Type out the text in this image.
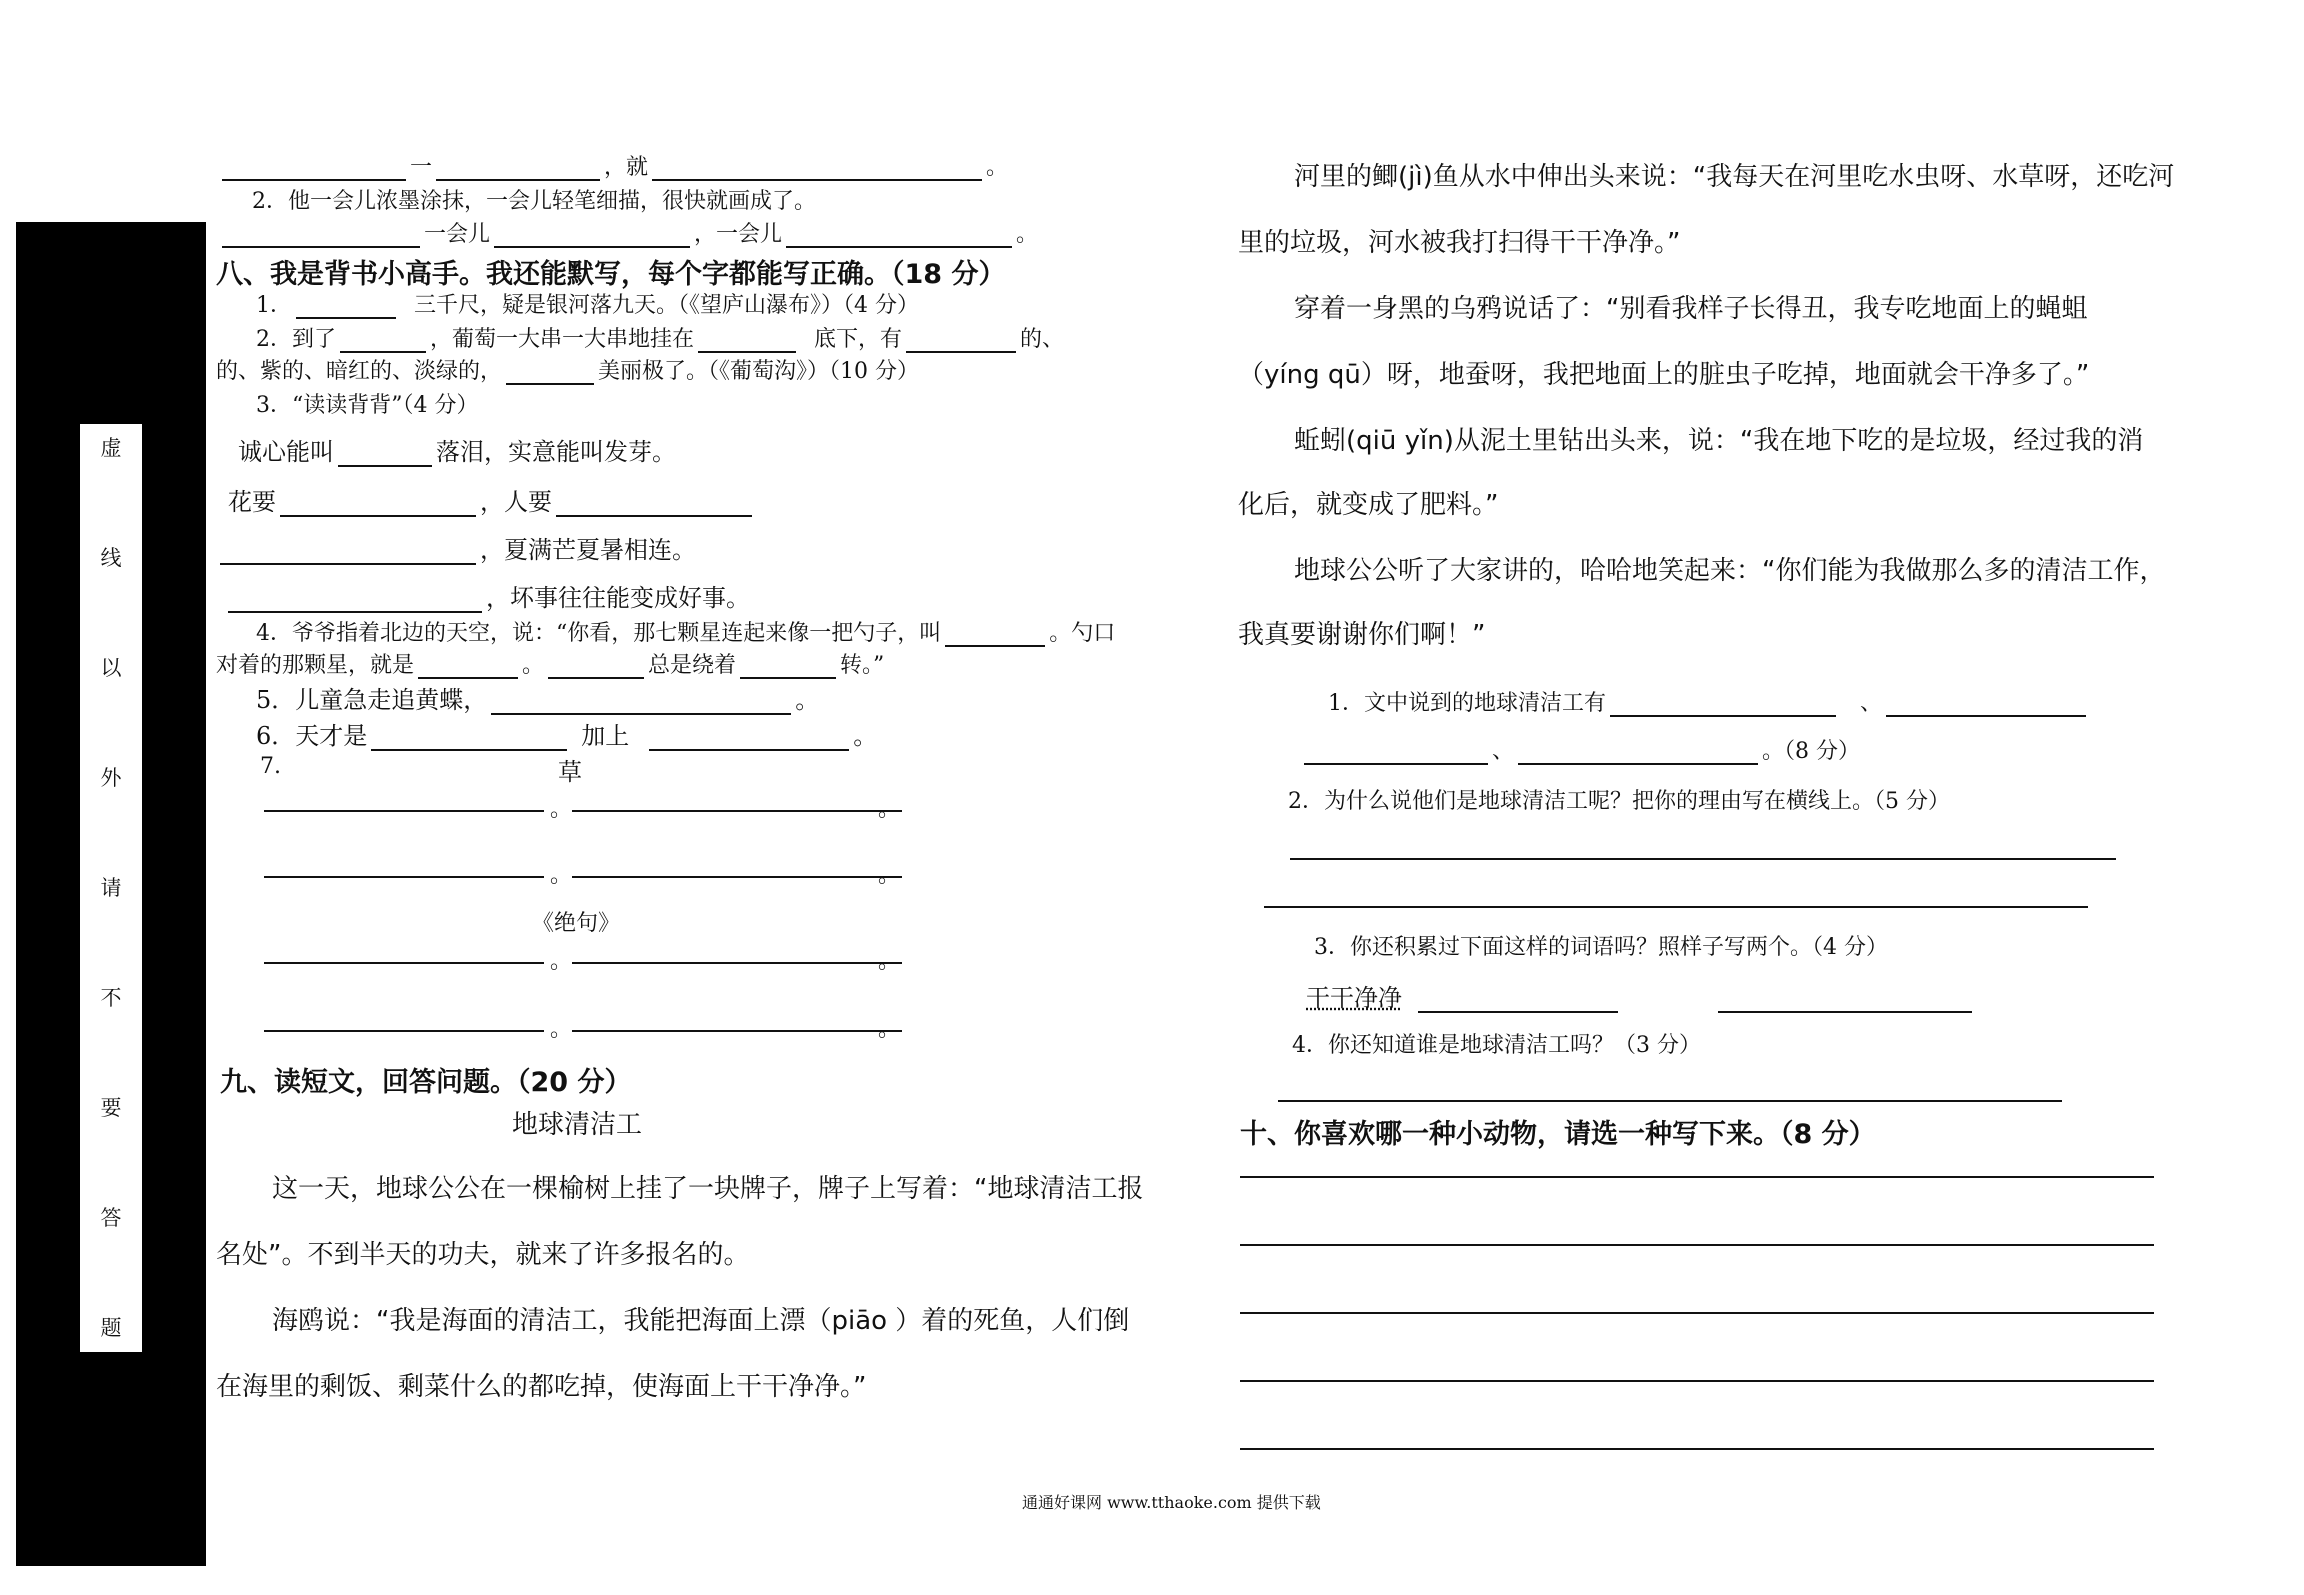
虚
线
以
外
请
不
要
答
题
一	，就	。
2．他一会儿浓墨涂抹，一会儿轻笔细描，很快就画成了。
一会儿	，一会儿	。
八、我是背书小高手。我还能默写，每个字都能写正确。（18 分）
1．	三千尺，疑是银河落九天。（《望庐山瀑布》）（4 分）
2．到了	，葡萄一大串一大串地挂在	底下，有	的、
的、紫的、暗红的、淡绿的，	美丽极了。（《葡萄沟》）（10 分）
3．“读读背背”（4 分）
诚心能叫	落泪，实意能叫发芽。
花要	，人要
，夏满芒夏暑相连。
，坏事往往能变成好事。
4．爷爷指着北边的天空，说：“你看，那七颗星连起来像一把勺子，叫	。勺口
对着的那颗星，就是	。	总是绕着	转。”
5．儿童急走追黄蝶，	。
6．天才是	加上	。
7.	草
。	。
。	。
《绝句》
。	。
。	。
九、读短文，回答问题。（20 分）
地球清洁工
这一天，地球公公在一棵榆树上挂了一块牌子，牌子上写着：“地球清洁工报
名处”。不到半天的功夫，就来了许多报名的。
海鸥说：“我是海面的清洁工，我能把海面上漂（piāo ）着的死鱼，人们倒
在海里的剩饭、剩菜什么的都吃掉，使海面上干干净净。”
河里的鲫(jì)鱼从水中伸出头来说：“我每天在河里吃水虫呀、水草呀，还吃河
里的垃圾，河水被我打扫得干干净净。”
穿着一身黑的乌鸦说话了：“别看我样子长得丑，我专吃地面上的蝇蛆
（yíng qū）呀，地蚕呀，我把地面上的脏虫子吃掉，地面就会干净多了。”
蚯蚓(qiū yǐn)从泥土里钻出头来，说：“我在地下吃的是垃圾，经过我的消
化后，就变成了肥料。”
地球公公听了大家讲的，哈哈地笑起来：“你们能为我做那么多的清洁工作，
我真要谢谢你们啊！”
1．文中说到的地球清洁工有	、
、	。（8 分）
2．为什么说他们是地球清洁工呢？把你的理由写在横线上。（5 分）
3．你还积累过下面这样的词语吗？照样子写两个。（4 分）
干干净净
4．你还知道谁是地球清洁工吗？（3 分）
十、你喜欢哪一种小动物，请选一种写下来。（8 分）
通通好课网 www.tthaoke.com 提供下载
